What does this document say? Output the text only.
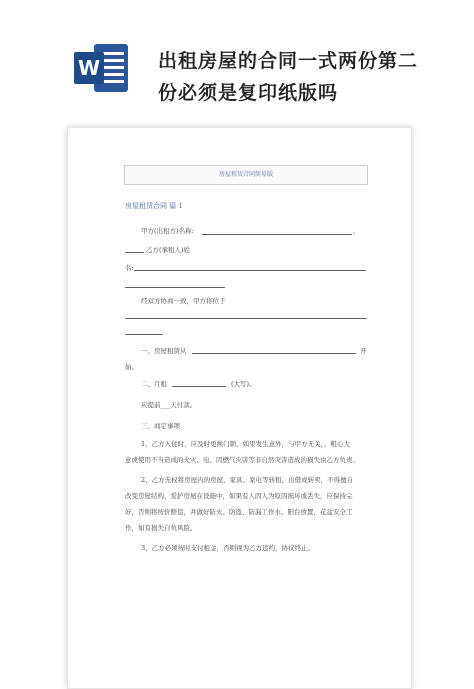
W	出租房屋的合同一式两份第二
份必须是复印纸版吗
房屋租赁合同简易版
房屋租赁合同 篇 1
甲方(出租方)名称:	,
乙方(承租人)姓
名:
经双方协商一致，甲方将位于
一、房屋租赁从	开
始。
二、月租	(大写)。
应提前___天付款。
三、商定事项
1、乙方入住时，应及时更换门锁，如果发生意外，与甲方无关，、粗心大
意或使用不当造成的火灾、电、因燃气灾害等非自然灾害造成的损失由乙方负责。
2、乙方无权将房屋内的房屋、家具、家电等转租，出借或转卖，不得擅自
改变房屋结构，爱护房屋在设施中，如果有人因人为原因损坏或丢失，应保持完
好，否则将按价赔偿，并做好防火、防盗、防漏工作水、阳台放置，花盆安全工
作，如有损失自负风险。
3、乙方必须按时支付租金，否则视为乙方违约，协议终止。
